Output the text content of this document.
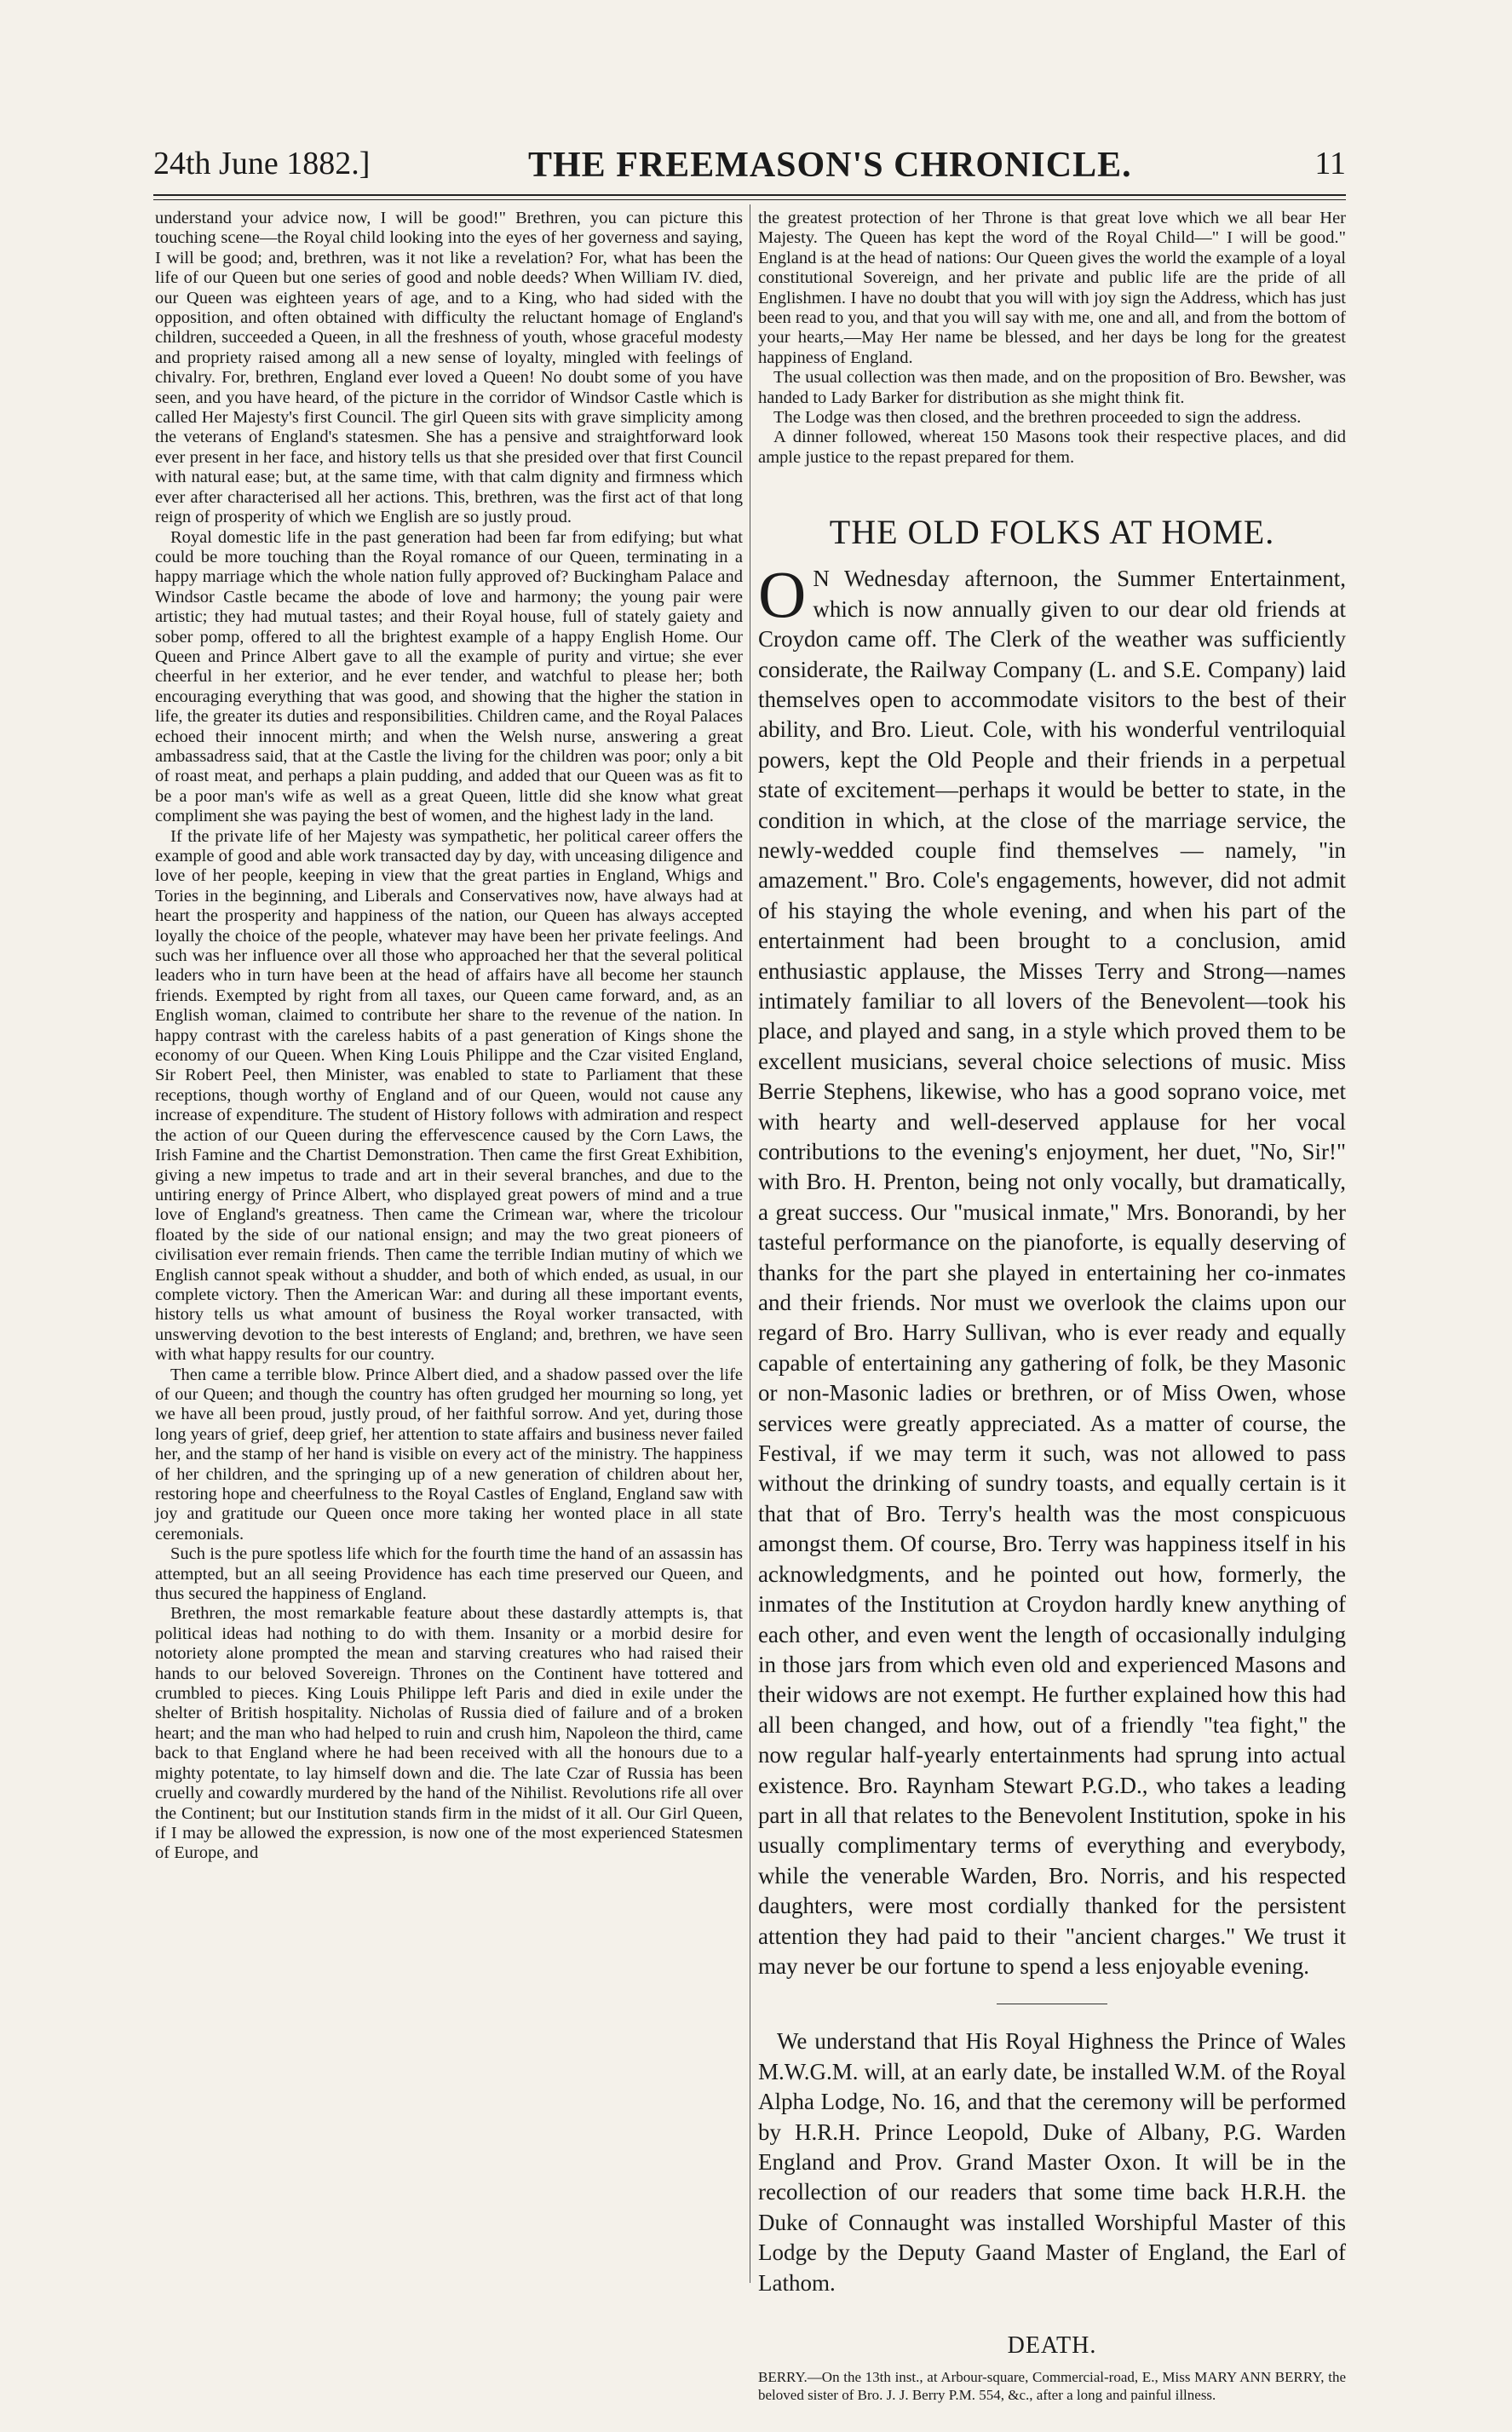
24th June 1882.]	THE FREEMASON'S CHRONICLE.	11

understand your advice now, I will be good!" Brethren, you can picture this touching scene—the Royal child looking into the eyes of her governess and saying, I will be good; and, brethren, was it not like a revelation? For, what has been the life of our Queen but one series of good and noble deeds? When William IV. died, our Queen was eighteen years of age, and to a King, who had sided with the opposition, and often obtained with difficulty the reluctant homage of England's children, succeeded a Queen, in all the freshness of youth, whose graceful modesty and propriety raised among all a new sense of loyalty, mingled with feelings of chivalry. For, brethren, England ever loved a Queen! No doubt some of you have seen, and you have heard, of the picture in the corridor of Windsor Castle which is called Her Majesty's first Council. The girl Queen sits with grave simplicity among the veterans of England's statesmen. She has a pensive and straightforward look ever present in her face, and history tells us that she presided over that first Council with natural ease; but, at the same time, with that calm dignity and firmness which ever after characterised all her actions. This, brethren, was the first act of that long reign of prosperity of which we English are so justly proud.

Royal domestic life in the past generation had been far from edifying; but what could be more touching than the Royal romance of our Queen, terminating in a happy marriage which the whole nation fully approved of? Buckingham Palace and Windsor Castle became the abode of love and harmony; the young pair were artistic; they had mutual tastes; and their Royal house, full of stately gaiety and sober pomp, offered to all the brightest example of a happy English Home. Our Queen and Prince Albert gave to all the example of purity and virtue; she ever cheerful in her exterior, and he ever tender, and watchful to please her; both encouraging everything that was good, and showing that the higher the station in life, the greater its duties and responsibilities. Children came, and the Royal Palaces echoed their innocent mirth; and when the Welsh nurse, answering a great ambassadress said, that at the Castle the living for the children was poor; only a bit of roast meat, and perhaps a plain pudding, and added that our Queen was as fit to be a poor man's wife as well as a great Queen, little did she know what great compliment she was paying the best of women, and the highest lady in the land.

If the private life of her Majesty was sympathetic, her political career offers the example of good and able work transacted day by day, with unceasing diligence and love of her people, keeping in view that the great parties in England, Whigs and Tories in the beginning, and Liberals and Conservatives now, have always had at heart the prosperity and happiness of the nation, our Queen has always accepted loyally the choice of the people, whatever may have been her private feelings. And such was her influence over all those who approached her that the several political leaders who in turn have been at the head of affairs have all become her staunch friends. Exempted by right from all taxes, our Queen came forward, and, as an English woman, claimed to contribute her share to the revenue of the nation. In happy contrast with the careless habits of a past generation of Kings shone the economy of our Queen. When King Louis Philippe and the Czar visited England, Sir Robert Peel, then Minister, was enabled to state to Parliament that these receptions, though worthy of England and of our Queen, would not cause any increase of expenditure. The student of History follows with admiration and respect the action of our Queen during the effervescence caused by the Corn Laws, the Irish Famine and the Chartist Demonstration. Then came the first Great Exhibition, giving a new impetus to trade and art in their several branches, and due to the untiring energy of Prince Albert, who displayed great powers of mind and a true love of England's greatness. Then came the Crimean war, where the tricolour floated by the side of our national ensign; and may the two great pioneers of civilisation ever remain friends. Then came the terrible Indian mutiny of which we English cannot speak without a shudder, and both of which ended, as usual, in our complete victory. Then the American War: and during all these important events, history tells us what amount of business the Royal worker transacted, with unswerving devotion to the best interests of England; and, brethren, we have seen with what happy results for our country.

Then came a terrible blow. Prince Albert died, and a shadow passed over the life of our Queen; and though the country has often grudged her mourning so long, yet we have all been proud, justly proud, of her faithful sorrow. And yet, during those long years of grief, deep grief, her attention to state affairs and business never failed her, and the stamp of her hand is visible on every act of the ministry. The happiness of her children, and the springing up of a new generation of children about her, restoring hope and cheerfulness to the Royal Castles of England, England saw with joy and gratitude our Queen once more taking her wonted place in all state ceremonials.

Such is the pure spotless life which for the fourth time the hand of an assassin has attempted, but an all seeing Providence has each time preserved our Queen, and thus secured the happiness of England.

Brethren, the most remarkable feature about these dastardly attempts is, that political ideas had nothing to do with them. Insanity or a morbid desire for notoriety alone prompted the mean and starving creatures who had raised their hands to our beloved Sovereign. Thrones on the Continent have tottered and crumbled to pieces. King Louis Philippe left Paris and died in exile under the shelter of British hospitality. Nicholas of Russia died of failure and of a broken heart; and the man who had helped to ruin and crush him, Napoleon the third, came back to that England where he had been received with all the honours due to a mighty potentate, to lay himself down and die. The late Czar of Russia has been cruelly and cowardly murdered by the hand of the Nihilist. Revolutions rife all over the Continent; but our Institution stands firm in the midst of it all. Our Girl Queen, if I may be allowed the expression, is now one of the most experienced Statesmen of Europe, and

the greatest protection of her Throne is that great love which we all bear Her Majesty. The Queen has kept the word of the Royal Child—" I will be good." England is at the head of nations: Our Queen gives the world the example of a loyal constitutional Sovereign, and her private and public life are the pride of all Englishmen. I have no doubt that you will with joy sign the Address, which has just been read to you, and that you will say with me, one and all, and from the bottom of your hearts,—May Her name be blessed, and her days be long for the greatest happiness of England.

The usual collection was then made, and on the proposition of Bro. Bewsher, was handed to Lady Barker for distribution as she might think fit.

The Lodge was then closed, and the brethren proceeded to sign the address.

A dinner followed, whereat 150 Masons took their respective places, and did ample justice to the repast prepared for them.

THE OLD FOLKS AT HOME.

O N Wednesday afternoon, the Summer Entertainment, which is now annually given to our dear old friends at Croydon came off. The Clerk of the weather was sufficiently considerate, the Railway Company (L. and S.E. Company) laid themselves open to accommodate visitors to the best of their ability, and Bro. Lieut. Cole, with his wonderful ventriloquial powers, kept the Old People and their friends in a perpetual state of excitement—perhaps it would be better to state, in the condition in which, at the close of the marriage service, the newly-wedded couple find themselves — namely, "in amazement." Bro. Cole's engagements, however, did not admit of his staying the whole evening, and when his part of the entertainment had been brought to a conclusion, amid enthusiastic applause, the Misses Terry and Strong—names intimately familiar to all lovers of the Benevolent—took his place, and played and sang, in a style which proved them to be excellent musicians, several choice selections of music. Miss Berrie Stephens, likewise, who has a good soprano voice, met with hearty and well-deserved applause for her vocal contributions to the evening's enjoyment, her duet, "No, Sir!" with Bro. H. Prenton, being not only vocally, but dramatically, a great success. Our "musical inmate," Mrs. Bonorandi, by her tasteful performance on the pianoforte, is equally deserving of thanks for the part she played in entertaining her co-inmates and their friends. Nor must we overlook the claims upon our regard of Bro. Harry Sullivan, who is ever ready and equally capable of entertaining any gathering of folk, be they Masonic or non-Masonic ladies or brethren, or of Miss Owen, whose services were greatly appreciated. As a matter of course, the Festival, if we may term it such, was not allowed to pass without the drinking of sundry toasts, and equally certain is it that that of Bro. Terry's health was the most conspicuous amongst them. Of course, Bro. Terry was happiness itself in his acknowledgments, and he pointed out how, formerly, the inmates of the Institution at Croydon hardly knew anything of each other, and even went the length of occasionally indulging in those jars from which even old and experienced Masons and their widows are not exempt. He further explained how this had all been changed, and how, out of a friendly "tea fight," the now regular half-yearly entertainments had sprung into actual existence. Bro. Raynham Stewart P.G.D., who takes a leading part in all that relates to the Benevolent Institution, spoke in his usually complimentary terms of everything and everybody, while the venerable Warden, Bro. Norris, and his respected daughters, were most cordially thanked for the persistent attention they had paid to their "ancient charges." We trust it may never be our fortune to spend a less enjoyable evening.

We understand that His Royal Highness the Prince of Wales M.W.G.M. will, at an early date, be installed W.M. of the Royal Alpha Lodge, No. 16, and that the ceremony will be performed by H.R.H. Prince Leopold, Duke of Albany, P.G. Warden England and Prov. Grand Master Oxon. It will be in the recollection of our readers that some time back H.R.H. the Duke of Connaught was installed Worshipful Master of this Lodge by the Deputy Gaand Master of England, the Earl of Lathom.

DEATH.

BERRY.—On the 13th inst., at Arbour-square, Commercial-road, E., Miss MARY ANN BERRY, the beloved sister of Bro. J. J. Berry P.M. 554, &c., after a long and painful illness.
